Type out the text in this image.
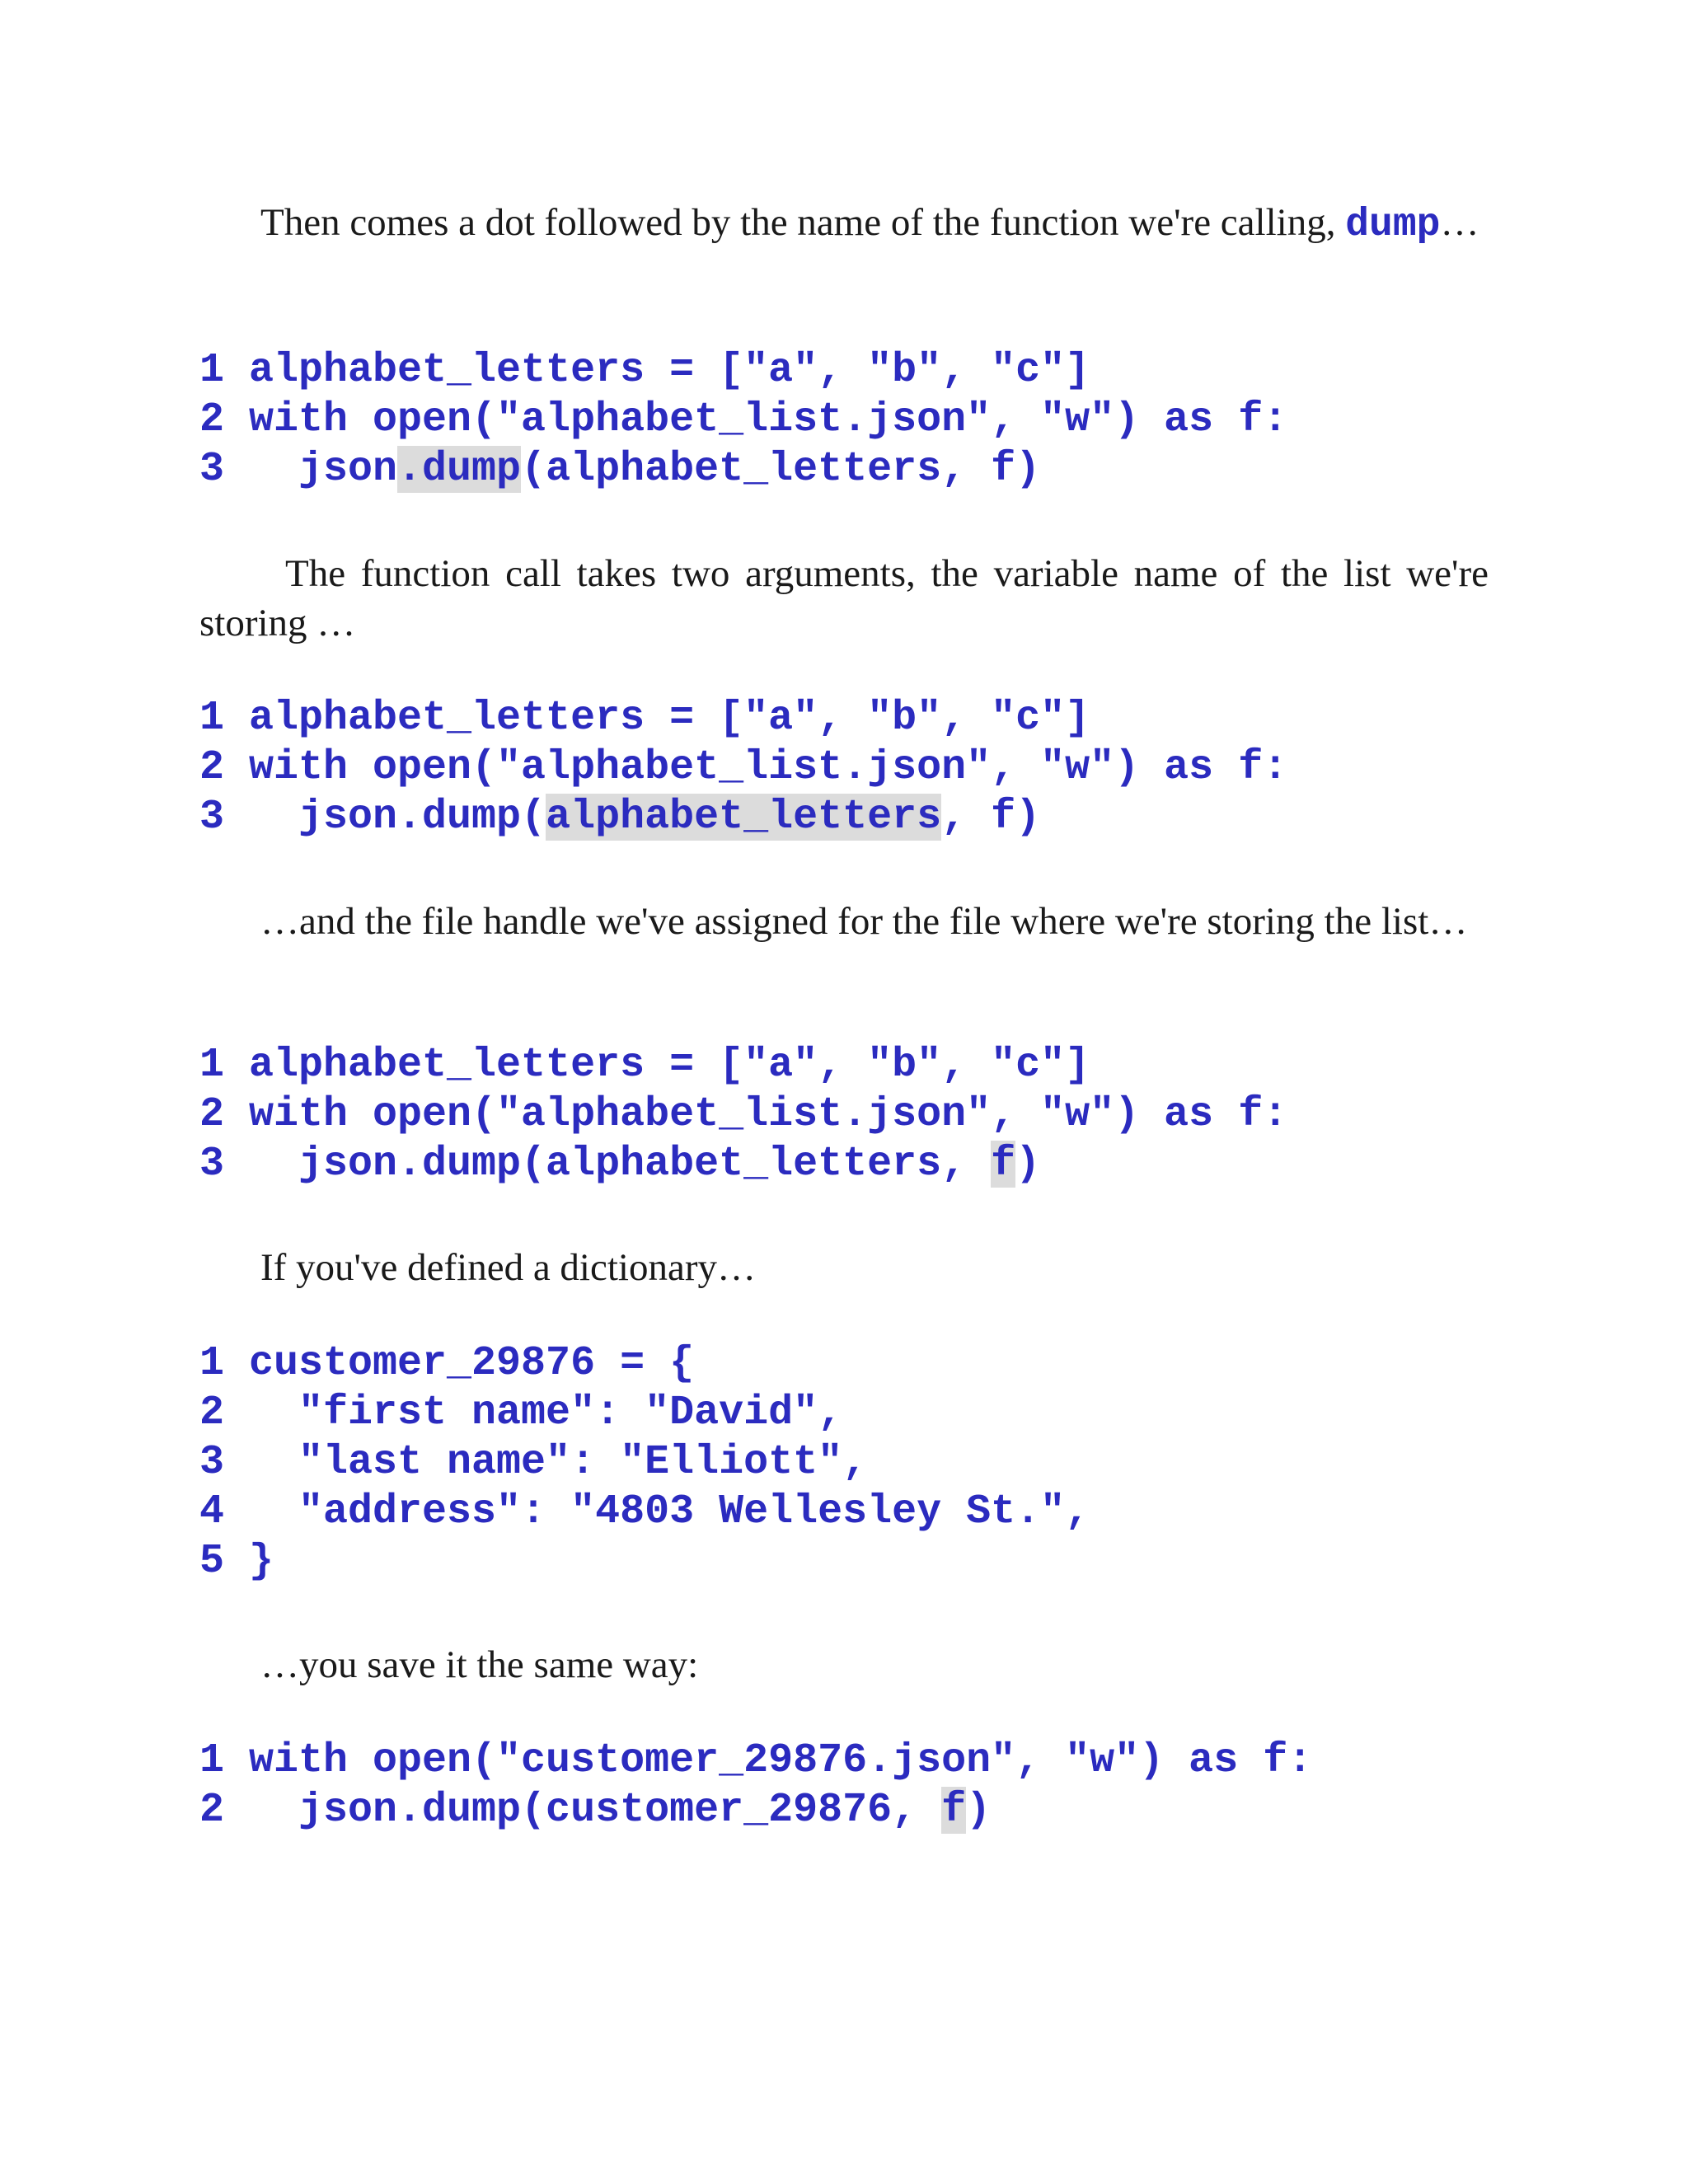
Then comes a dot followed by the name of the function we're calling, dump…

1 alphabet_letters = ["a", "b", "c"]
2 with open("alphabet_list.json", "w") as f:
3  json.dump(alphabet_letters, f)

The function call takes two arguments, the variable name of the list we're storing …

1 alphabet_letters = ["a", "b", "c"]
2 with open("alphabet_list.json", "w") as f:
3  json.dump(alphabet_letters, f)

…and the file handle we've assigned for the file where we're storing the list…

1 alphabet_letters = ["a", "b", "c"]
2 with open("alphabet_list.json", "w") as f:
3  json.dump(alphabet_letters, f)

If you've defined a dictionary…

1 customer_29876 = {
2  "first name": "David",
3  "last name": "Elliott",
4  "address": "4803 Wellesley St.",
5 }

…you save it the same way:

1 with open("customer_29876.json", "w") as f:
2  json.dump(customer_29876, f)
